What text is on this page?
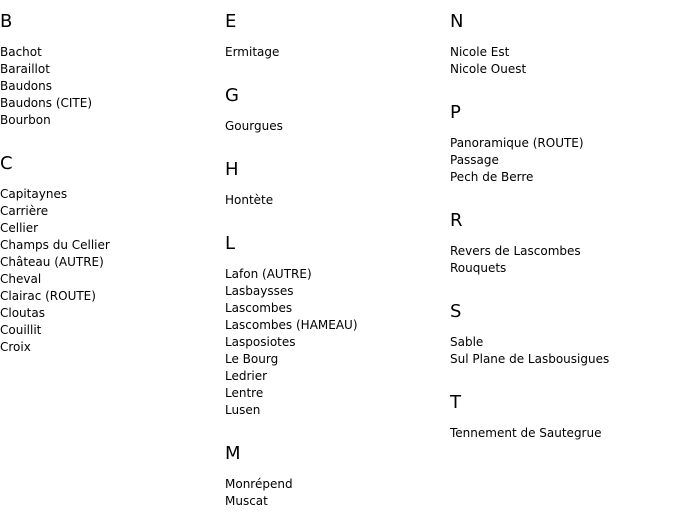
B
Bachot
Baraillot
Baudons
Baudons (CITE)
Bourbon
C
Capitaynes
Carrière
Cellier
Champs du Cellier
Château (AUTRE)
Cheval
Clairac (ROUTE)
Cloutas
Couillit
Croix
E
Ermitage
G
Gourgues
H
Hontète
L
Lafon (AUTRE)
Lasbaysses
Lascombes
Lascombes (HAMEAU)
Lasposiotes
Le Bourg
Ledrier
Lentre
Lusen
M
Monrépend
Muscat
N
Nicole Est
Nicole Ouest
P
Panoramique (ROUTE)
Passage
Pech de Berre
R
Revers de Lascombes
Rouquets
S
Sable
Sul Plane de Lasbousigues
T
Tennement de Sautegrue
